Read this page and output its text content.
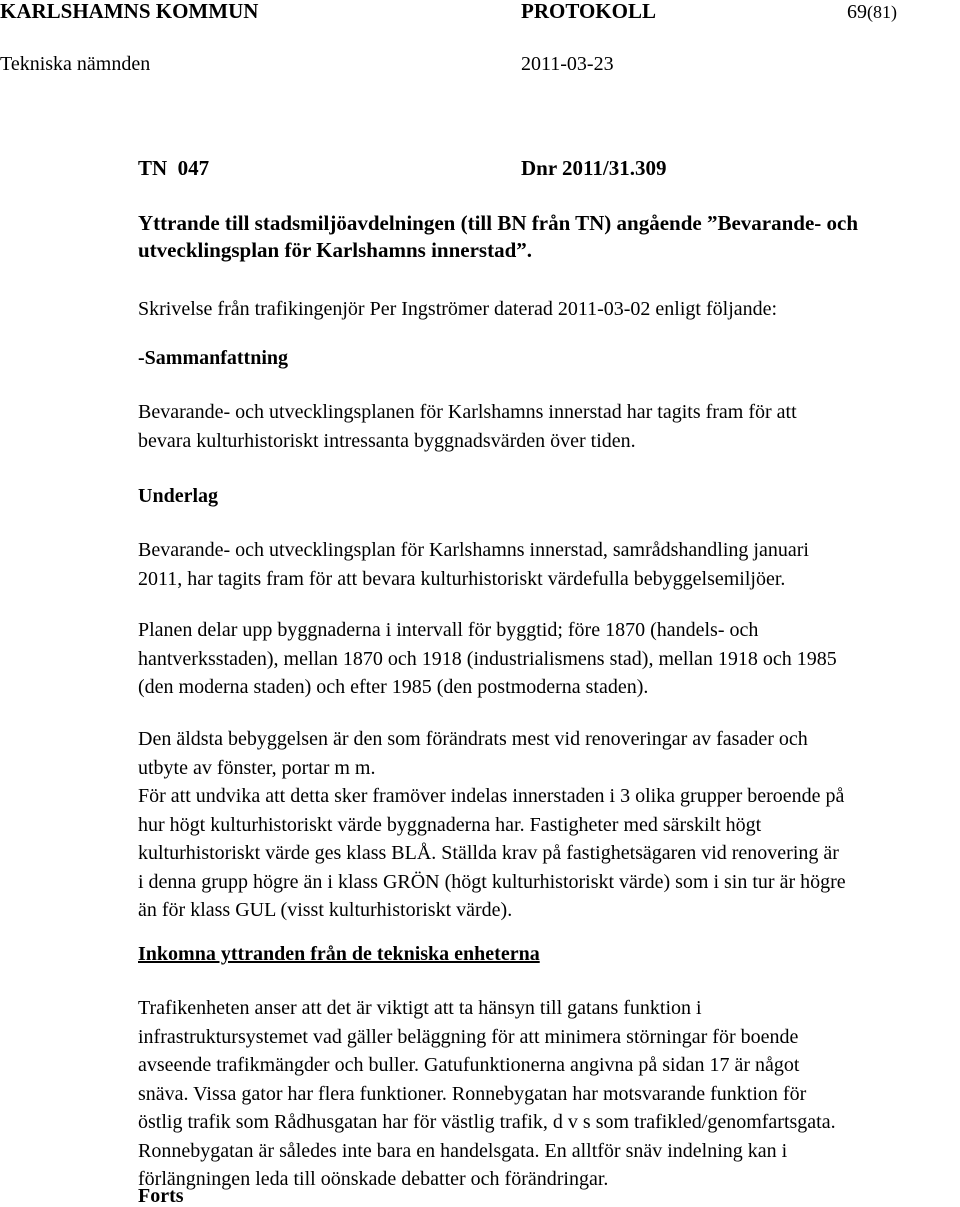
KARLSHAMNS KOMMUN	PROTOKOLL	69(81)
Tekniska nämnden	2011-03-23
TN  047	Dnr 2011/31.309
Yttrande till stadsmiljöavdelningen (till BN från TN) angående ”Bevarande- och
utvecklingsplan för Karlshamns innerstad”.
Skrivelse från trafikingenjör Per Ingströmer daterad 2011-03-02 enligt följande:
-Sammanfattning
Bevarande- och utvecklingsplanen för Karlshamns innerstad har tagits fram för att
bevara kulturhistoriskt intressanta byggnadsvärden över tiden.
Underlag
Bevarande- och utvecklingsplan för Karlshamns innerstad, samrådshandling januari
2011, har tagits fram för att bevara kulturhistoriskt värdefulla bebyggelsemiljöer.
Planen delar upp byggnaderna i intervall för byggtid; före 1870 (handels- och
hantverksstaden), mellan 1870 och 1918 (industrialismens stad), mellan 1918 och 1985
(den moderna staden) och efter 1985 (den postmoderna staden).
Den äldsta bebyggelsen är den som förändrats mest vid renoveringar av fasader och
utbyte av fönster, portar m m.
För att undvika att detta sker framöver indelas innerstaden i 3 olika grupper beroende på
hur högt kulturhistoriskt värde byggnaderna har. Fastigheter med särskilt högt
kulturhistoriskt värde ges klass BLÅ. Ställda krav på fastighetsägaren vid renovering är
i denna grupp högre än i klass GRÖN (högt kulturhistoriskt värde) som i sin tur är högre
än för klass GUL (visst kulturhistoriskt värde).
Inkomna yttranden från de tekniska enheterna
Trafikenheten anser att det är viktigt att ta hänsyn till gatans funktion i
infrastruktursystemet vad gäller beläggning för att minimera störningar för boende
avseende trafikmängder och buller. Gatufunktionerna angivna på sidan 17 är något
snäva. Vissa gator har flera funktioner. Ronnebygatan har motsvarande funktion för
östlig trafik som Rådhusgatan har för västlig trafik, d v s som trafikled/genomfartsgata.
Ronnebygatan är således inte bara en handelsgata. En alltför snäv indelning kan i
förlängningen leda till oönskade debatter och förändringar.
Forts
